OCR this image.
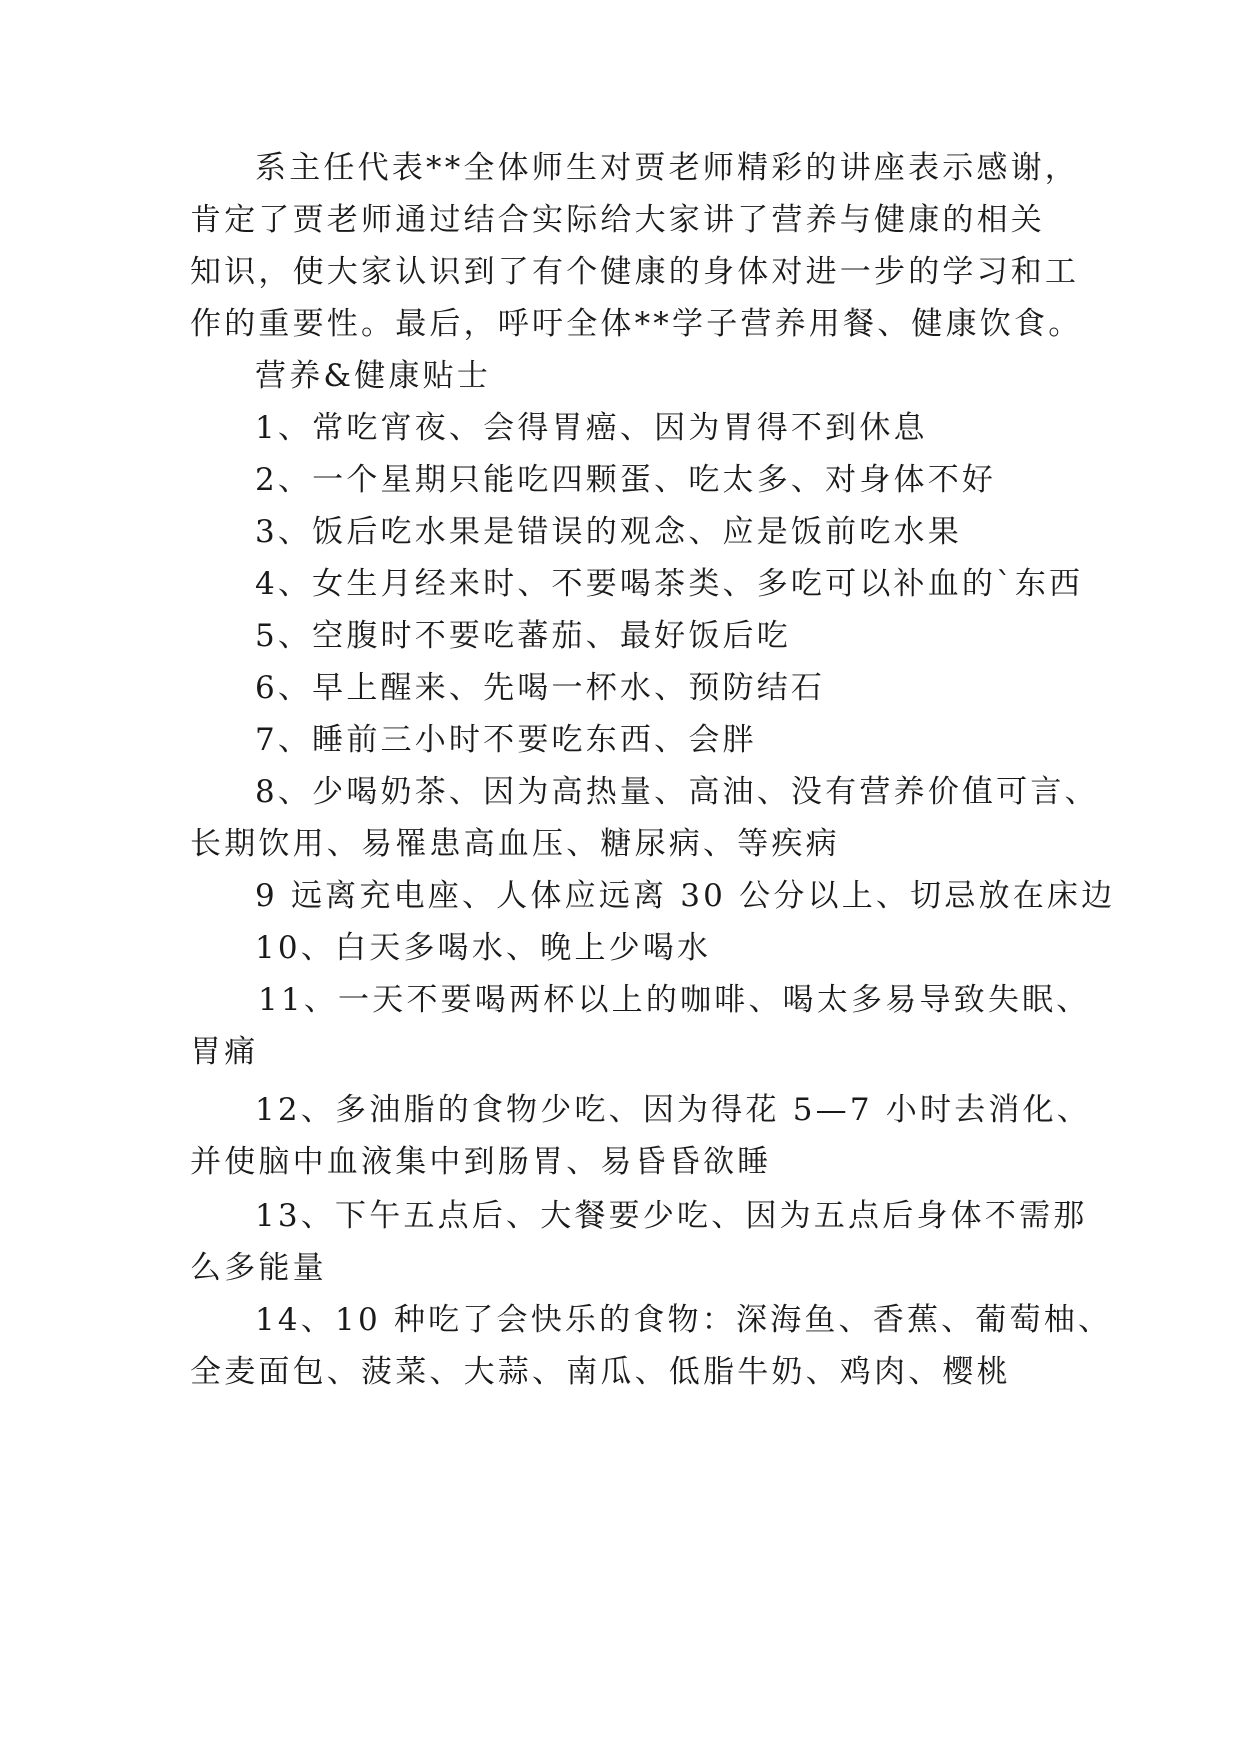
系主任代表**全体师生对贾老师精彩的讲座表示感谢，
肯定了贾老师通过结合实际给大家讲了营养与健康的相关
知识，使大家认识到了有个健康的身体对进一步的学习和工
作的重要性。最后，呼吁全体**学子营养用餐、健康饮食。
营养&健康贴士
1、常吃宵夜、会得胃癌、因为胃得不到休息
2、一个星期只能吃四颗蛋、吃太多、对身体不好
3、饭后吃水果是错误的观念、应是饭前吃水果
4、女生月经来时、不要喝茶类、多吃可以补血的`东西
5、空腹时不要吃蕃茄、最好饭后吃
6、早上醒来、先喝一杯水、预防结石
7、睡前三小时不要吃东西、会胖
8、少喝奶茶、因为高热量、高油、没有营养价值可言、
长期饮用、易罹患高血压、糖尿病、等疾病
9 远离充电座、人体应远离 30 公分以上、切忌放在床边
10、白天多喝水、晚上少喝水
11、一天不要喝两杯以上的咖啡、喝太多易导致失眠、
胃痛
12、多油脂的食物少吃、因为得花 5—7 小时去消化、
并使脑中血液集中到肠胃、易昏昏欲睡
13、下午五点后、大餐要少吃、因为五点后身体不需那
么多能量
14、10 种吃了会快乐的食物：深海鱼、香蕉、葡萄柚、
全麦面包、菠菜、大蒜、南瓜、低脂牛奶、鸡肉、樱桃
